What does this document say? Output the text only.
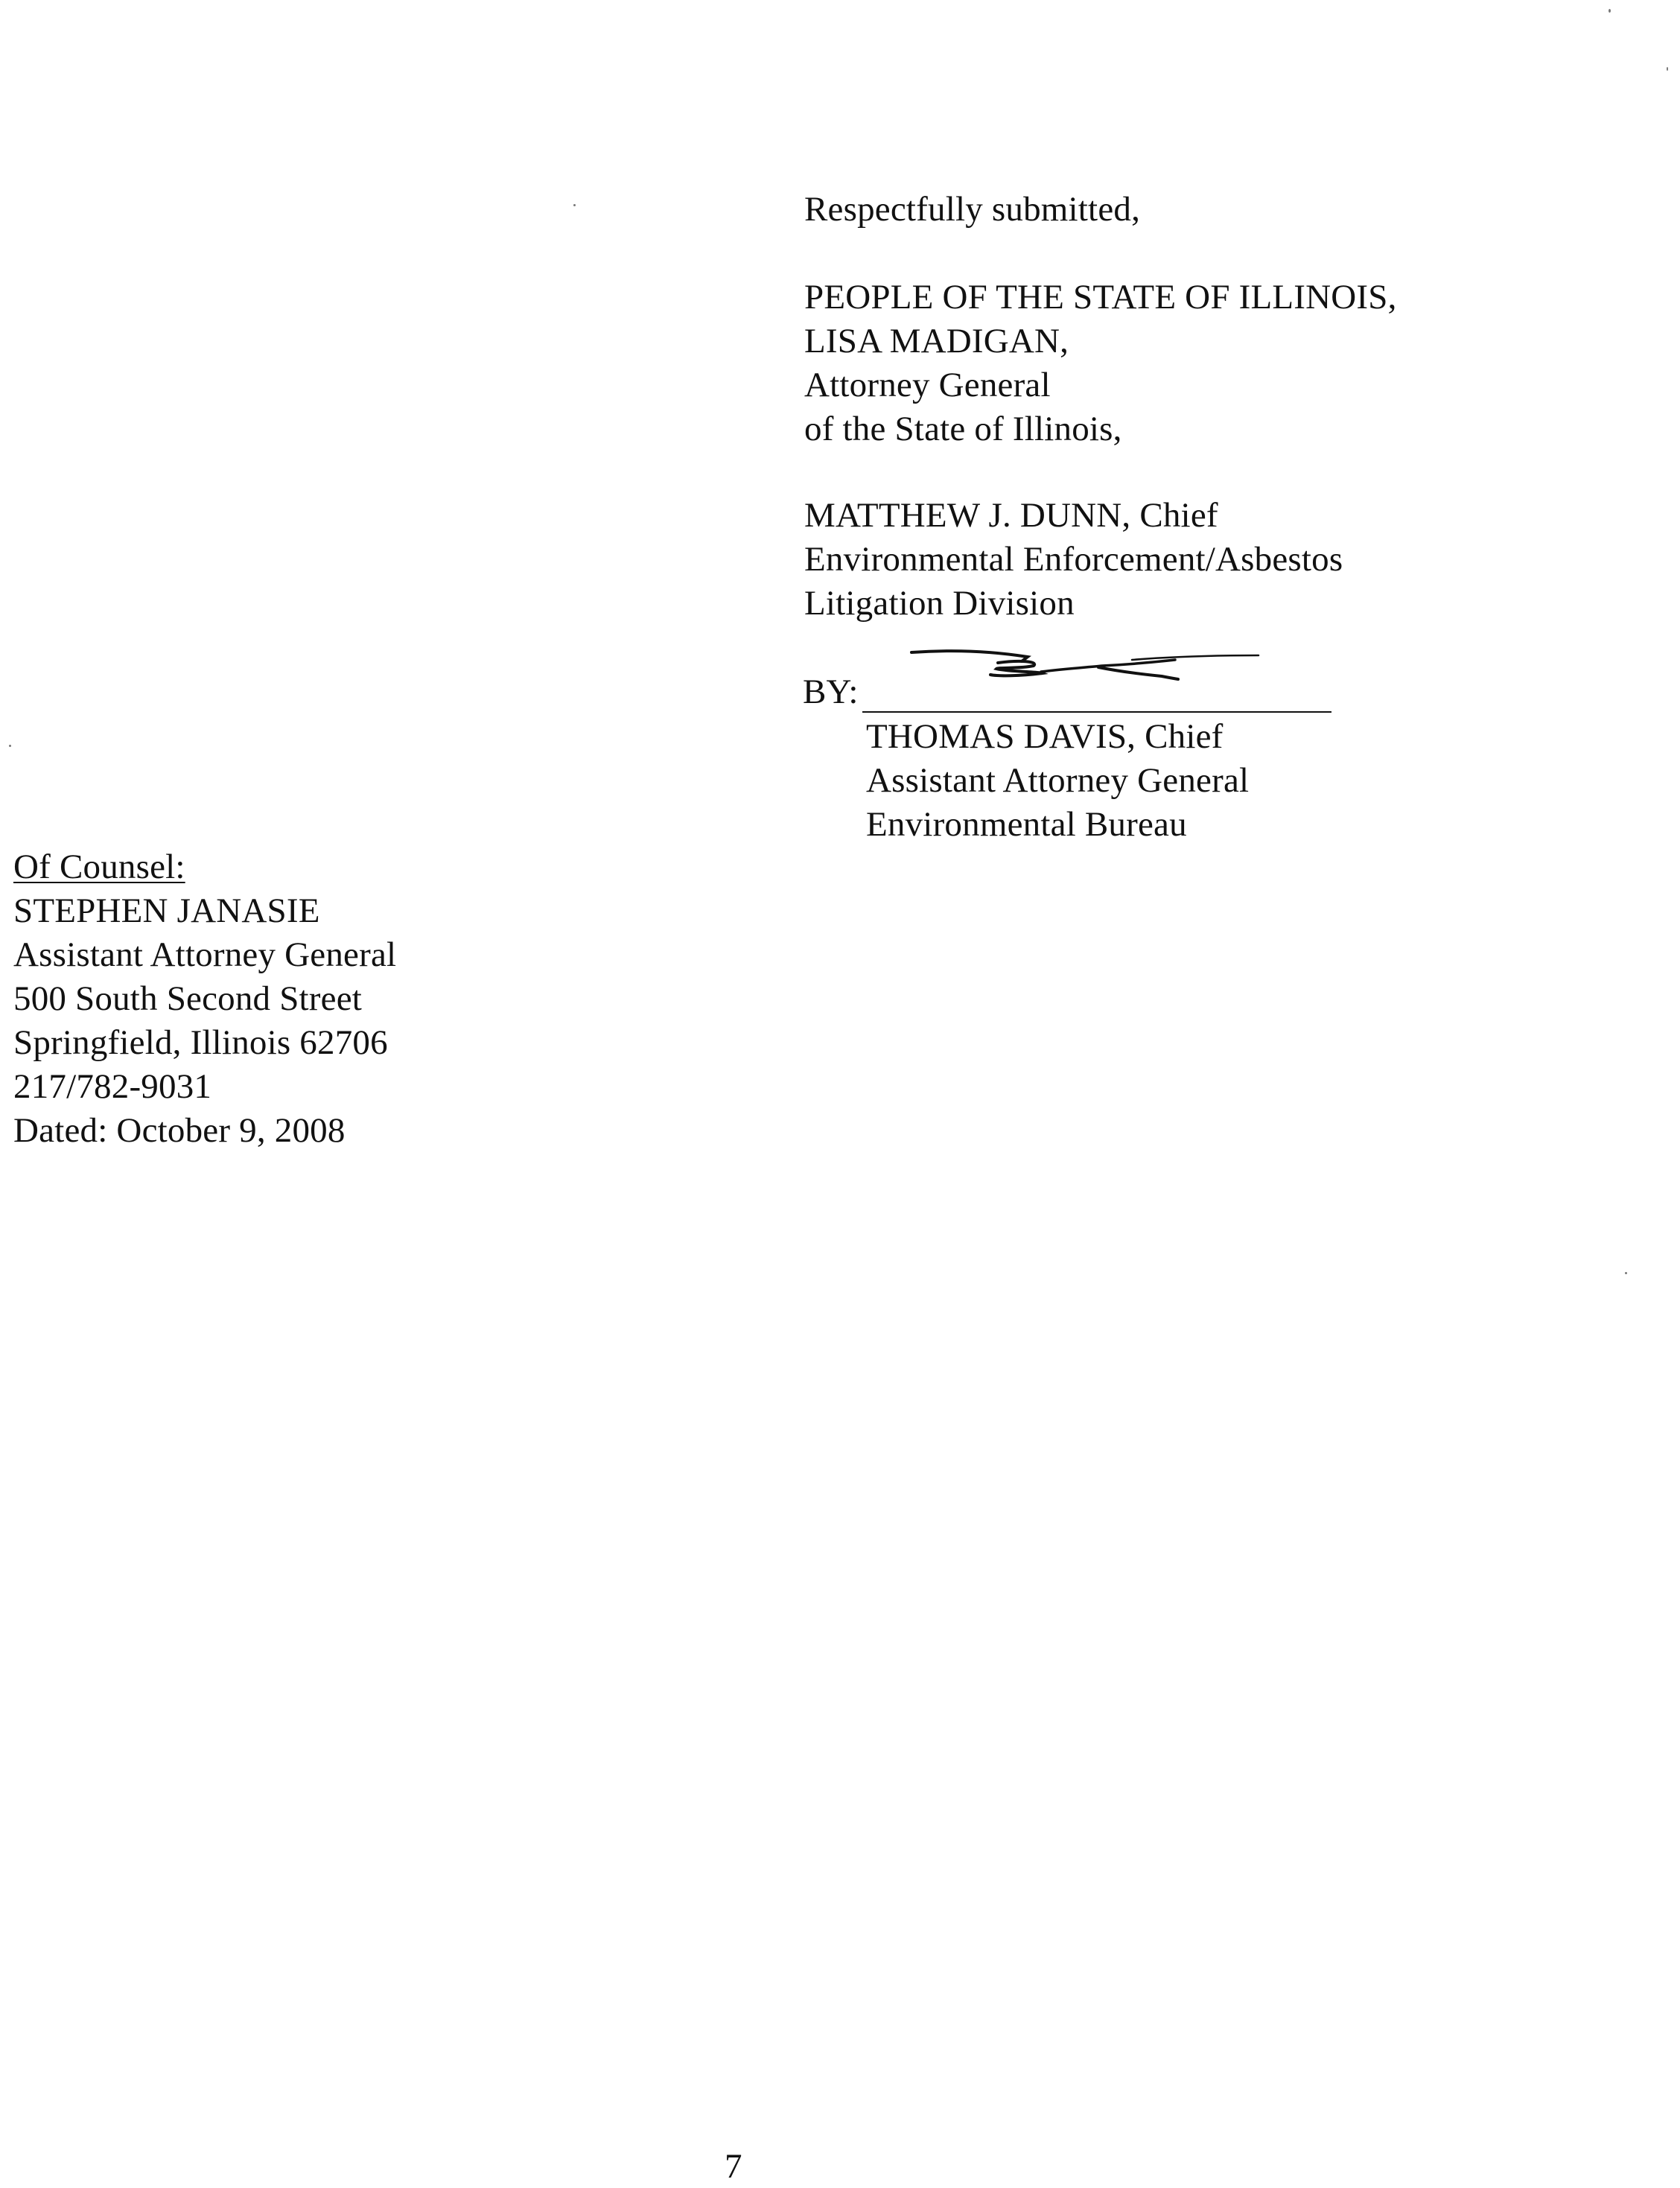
Respectfully submitted,
PEOPLE OF THE STATE OF ILLINOIS,
LISA MADIGAN,
Attorney General
of the State of Illinois,
MATTHEW J. DUNN, Chief
Environmental Enforcement/Asbestos
Litigation Division
BY:
THOMAS DAVIS, Chief
Assistant Attorney General
Environmental Bureau
Of Counsel:
STEPHEN JANASIE
Assistant Attorney General
500 South Second Street
Springfield, Illinois 62706
217/782-9031
Dated: October 9, 2008
7
